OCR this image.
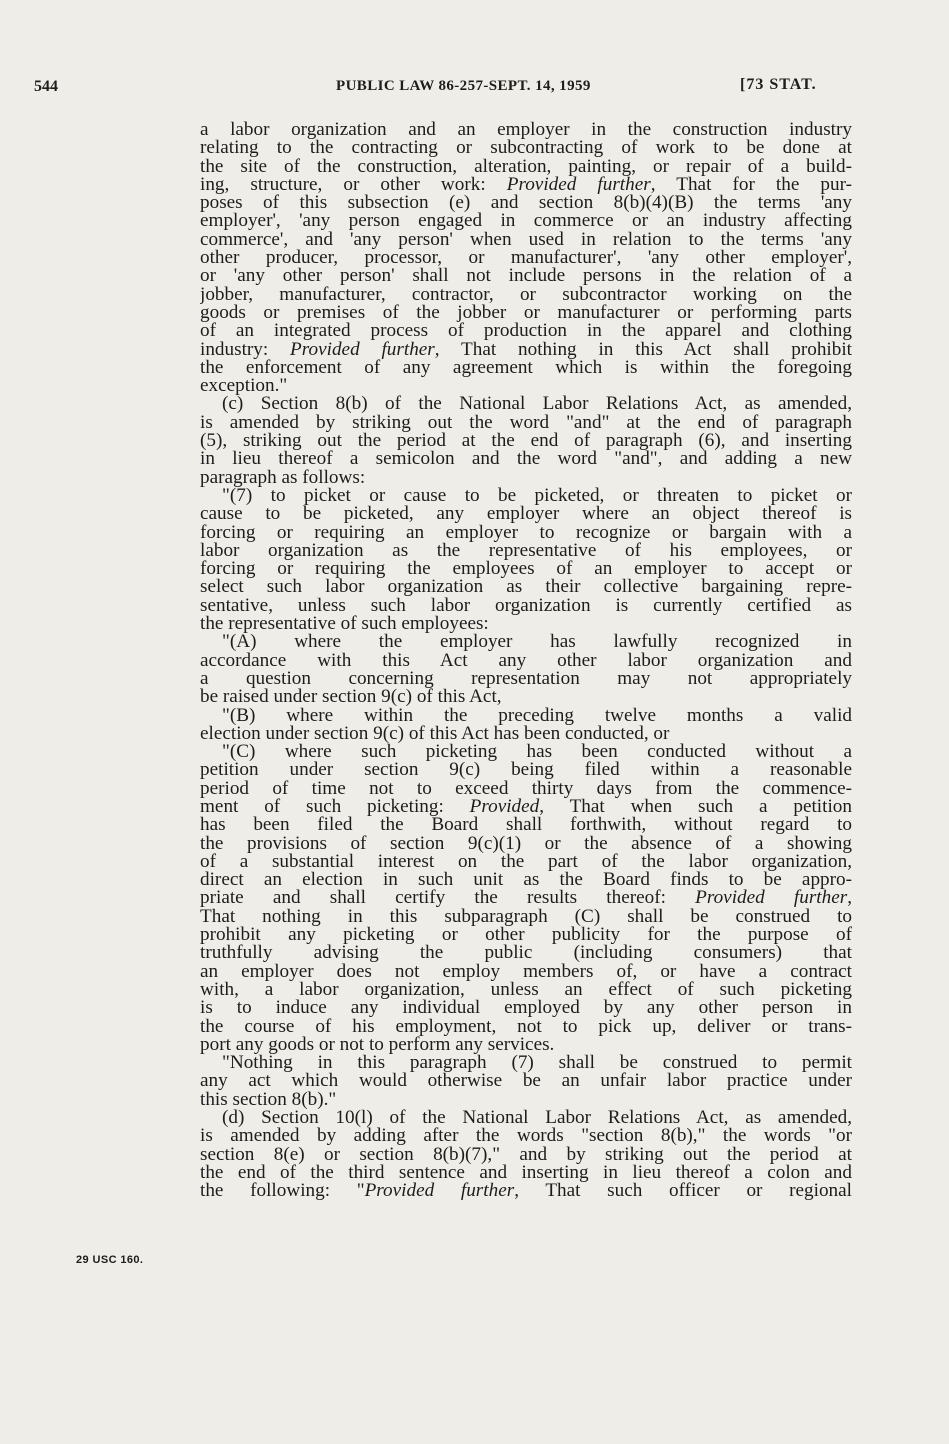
544	PUBLIC LAW 86-257-SEPT. 14, 1959	[73 STAT.
29 USC 160.

a labor organization and an employer in the construction industry
relating to the contracting or subcontracting of work to be done at
the site of the construction, alteration, painting, or repair of a build-
ing, structure, or other work: Provided further, That for the pur-
poses of this subsection (e) and section 8(b)(4)(B) the terms 'any
employer', 'any person engaged in commerce or an industry affecting
commerce', and 'any person' when used in relation to the terms 'any
other producer, processor, or manufacturer', 'any other employer',
or 'any other person' shall not include persons in the relation of a
jobber, manufacturer, contractor, or subcontractor working on the
goods or premises of the jobber or manufacturer or performing parts
of an integrated process of production in the apparel and clothing
industry: Provided further, That nothing in this Act shall prohibit
the enforcement of any agreement which is within the foregoing
exception."

(c) Section 8(b) of the National Labor Relations Act, as amended,
is amended by striking out the word "and" at the end of paragraph
(5), striking out the period at the end of paragraph (6), and inserting
in lieu thereof a semicolon and the word "and", and adding a new
paragraph as follows:

"(7) to picket or cause to be picketed, or threaten to picket or
cause to be picketed, any employer where an object thereof is
forcing or requiring an employer to recognize or bargain with a
labor organization as the representative of his employees, or
forcing or requiring the employees of an employer to accept or
select such labor organization as their collective bargaining repre-
sentative, unless such labor organization is currently certified as
the representative of such employees:

"(A) where the employer has lawfully recognized in
accordance with this Act any other labor organization and
a question concerning representation may not appropriately
be raised under section 9(c) of this Act,

"(B) where within the preceding twelve months a valid
election under section 9(c) of this Act has been conducted, or

"(C) where such picketing has been conducted without a
petition under section 9(c) being filed within a reasonable
period of time not to exceed thirty days from the commence-
ment of such picketing: Provided, That when such a petition
has been filed the Board shall forthwith, without regard to
the provisions of section 9(c)(1) or the absence of a showing
of a substantial interest on the part of the labor organization,
direct an election in such unit as the Board finds to be appro-
priate and shall certify the results thereof: Provided further,
That nothing in this subparagraph (C) shall be construed to
prohibit any picketing or other publicity for the purpose of
truthfully advising the public (including consumers) that
an employer does not employ members of, or have a contract
with, a labor organization, unless an effect of such picketing
is to induce any individual employed by any other person in
the course of his employment, not to pick up, deliver or trans-
port any goods or not to perform any services.

"Nothing in this paragraph (7) shall be construed to permit
any act which would otherwise be an unfair labor practice under
this section 8(b)."

(d) Section 10(l) of the National Labor Relations Act, as amended,
is amended by adding after the words "section 8(b)," the words "or
section 8(e) or section 8(b)(7)," and by striking out the period at
the end of the third sentence and inserting in lieu thereof a colon and
the following: "Provided further, That such officer or regional
